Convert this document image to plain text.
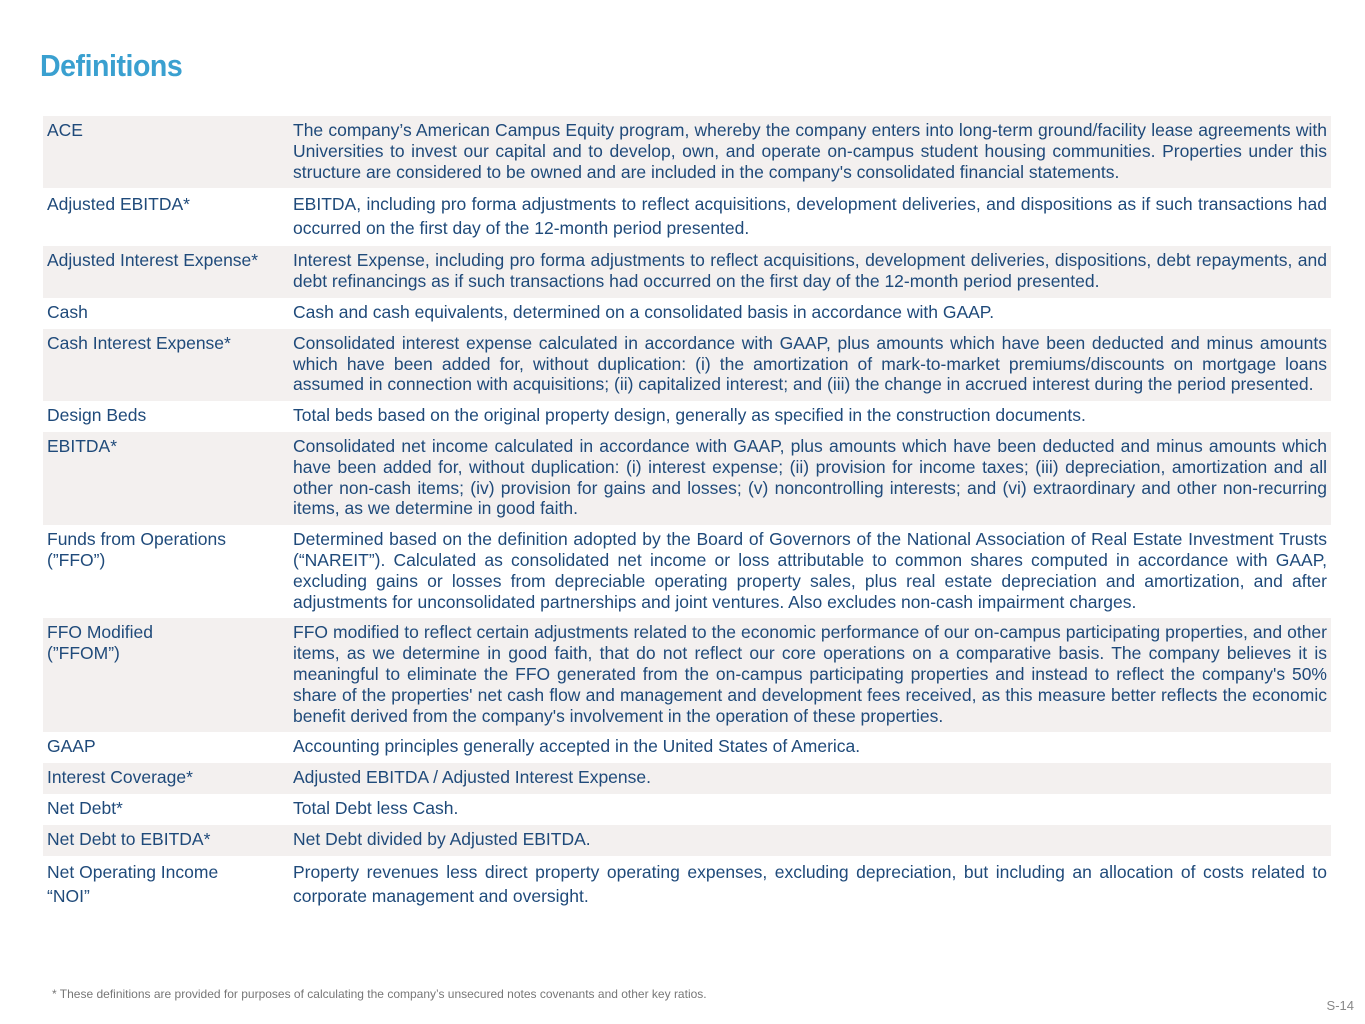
Definitions
ACE	The company’s American Campus Equity program, whereby the company enters into long-term ground/facility lease agreements with Universities to invest our capital and to develop, own, and operate on-campus student housing communities. Properties under this structure are considered to be owned and are included in the company's consolidated financial statements.
Adjusted EBITDA*	EBITDA, including pro forma adjustments to reflect acquisitions, development deliveries, and dispositions as if such transactions had occurred on the first day of the 12-month period presented.
Adjusted Interest Expense*	Interest Expense, including pro forma adjustments to reflect acquisitions, development deliveries, dispositions, debt repayments, and debt refinancings as if such transactions had occurred on the first day of the 12-month period presented.
Cash	Cash and cash equivalents, determined on a consolidated basis in accordance with GAAP.
Cash Interest Expense*	Consolidated interest expense calculated in accordance with GAAP, plus amounts which have been deducted and minus amounts which have been added for, without duplication: (i) the amortization of mark-to-market premiums/discounts on mortgage loans assumed in connection with acquisitions; (ii) capitalized interest; and (iii) the change in accrued interest during the period presented.
Design Beds	Total beds based on the original property design, generally as specified in the construction documents.
EBITDA*	Consolidated net income calculated in accordance with GAAP, plus amounts which have been deducted and minus amounts which have been added for, without duplication: (i) interest expense; (ii) provision for income taxes; (iii) depreciation, amortization and all other non-cash items; (iv) provision for gains and losses; (v) noncontrolling interests; and (vi) extraordinary and other non-recurring items, as we determine in good faith.
Funds from Operations
(”FFO”)	Determined based on the definition adopted by the Board of Governors of the National Association of Real Estate Investment Trusts (“NAREIT”). Calculated as consolidated net income or loss attributable to common shares computed in accordance with GAAP, excluding gains or losses from depreciable operating property sales, plus real estate depreciation and amortization, and after adjustments for unconsolidated partnerships and joint ventures. Also excludes non-cash impairment charges.
FFO Modified
(”FFOM”)	FFO modified to reflect certain adjustments related to the economic performance of our on-campus participating properties, and other items, as we determine in good faith, that do not reflect our core operations on a comparative basis. The company believes it is meaningful to eliminate the FFO generated from the on-campus participating properties and instead to reflect the company's 50% share of the properties' net cash flow and management and development fees received, as this measure better reflects the economic benefit derived from the company's involvement in the operation of these properties.
GAAP	Accounting principles generally accepted in the United States of America.
Interest Coverage*	Adjusted EBITDA / Adjusted Interest Expense.
Net Debt*	Total Debt less Cash.
Net Debt to EBITDA*	Net Debt divided by Adjusted EBITDA.
Net Operating Income
“NOI”	Property revenues less direct property operating expenses, excluding depreciation, but including an allocation of costs related to corporate management and oversight.
* These definitions are provided for purposes of calculating the company’s unsecured notes covenants and other key ratios.
S-14
